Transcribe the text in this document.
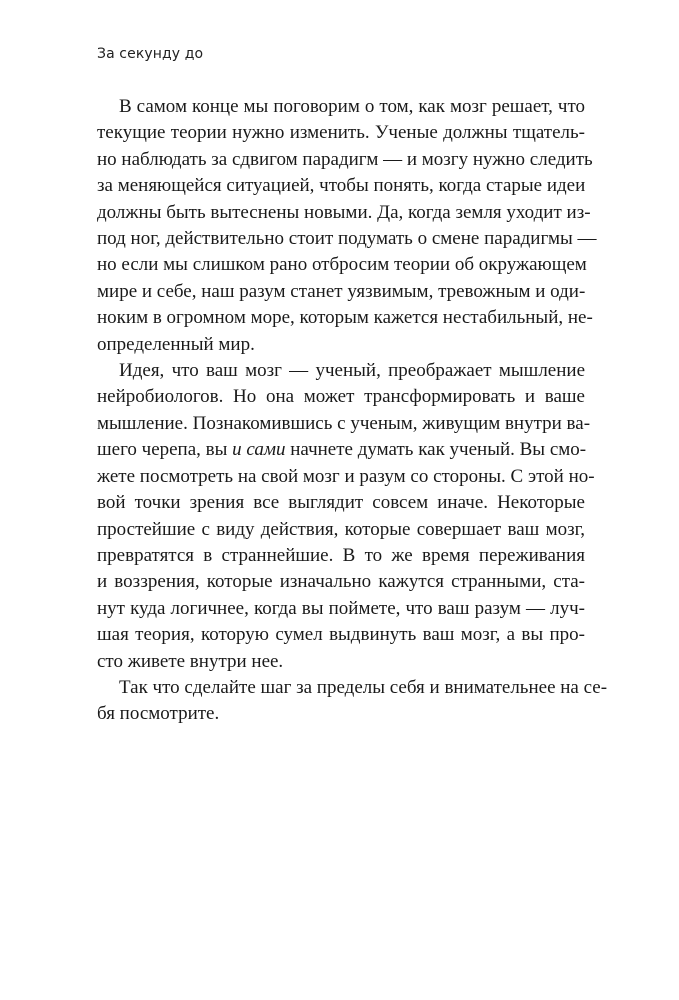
За секунду до
В самом конце мы поговорим о том, как мозг решает, что
текущие теории нужно изменить. Ученые должны тщатель-
но наблюдать за сдвигом парадигм — и мозгу нужно следить
за меняющейся ситуацией, чтобы понять, когда старые идеи
должны быть вытеснены новыми. Да, когда земля уходит из-
под ног, действительно стоит подумать о смене парадигмы —
но если мы слишком рано отбросим теории об окружающем
мире и себе, наш разум станет уязвимым, тревожным и оди-
ноким в огромном море, которым кажется нестабильный, не-
определенный мир.
Идея, что ваш мозг — ученый, преображает мышление
нейробиологов. Но она может трансформировать и ваше
мышление. Познакомившись с ученым, живущим внутри ва-
шего черепа, вы и сами начнете думать как ученый. Вы смо-
жете посмотреть на свой мозг и разум со стороны. С этой но-
вой точки зрения все выглядит совсем иначе. Некоторые
простейшие с виду действия, которые совершает ваш мозг,
превратятся в страннейшие. В то же время переживания
и воззрения, которые изначально кажутся странными, ста-
нут куда логичнее, когда вы поймете, что ваш разум — луч-
шая теория, которую сумел выдвинуть ваш мозг, а вы про-
сто живете внутри нее.
Так что сделайте шаг за пределы себя и внимательнее на се-
бя посмотрите.
